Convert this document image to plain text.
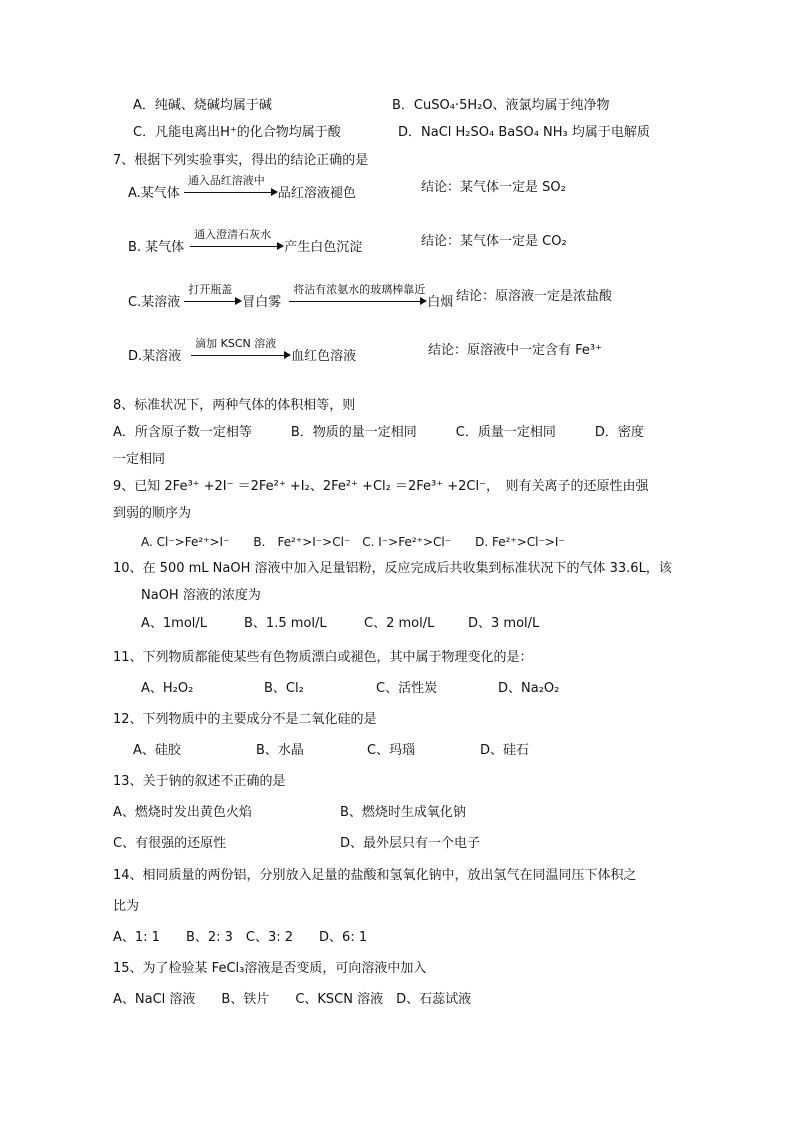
A．纯碱、烧碱均属于碱	B．CuSO₄·5H₂O、液氯均属于纯净物
C．凡能电离出H⁺的化合物均属于酸	D．NaCl H₂SO₄ BaSO₄ NH₃ 均属于电解质
7、根据下列实验事实，得出的结论正确的是
A.某气体
通入品红溶液中
品红溶液褪色	结论：某气体一定是 SO₂
B. 某气体
通入澄清石灰水
产生白色沉淀	结论：某气体一定是 CO₂
C.某溶液
打开瓶盖
冒白雾
将沾有浓氨水的玻璃棒靠近
白烟 结论：原溶液一定是浓盐酸
D.某溶液
滴加 KSCN 溶液
血红色溶液	结论：原溶液中一定含有 Fe³⁺
8、标准状况下，两种气体的体积相等，则
A．所含原子数一定相等　　　B．物质的量一定相同　　　C．质量一定相同　　　D．密度
一定相同
9、已知 2Fe³⁺ +2I⁻ ＝2Fe²⁺ +I₂、2Fe²⁺ +Cl₂ ＝2Fe³⁺ +2Cl⁻，　则有关离子的还原性由强
到弱的顺序为
A. Cl⁻>Fe²⁺>I⁻　　B.　Fe²⁺>I⁻>Cl⁻　C. I⁻>Fe²⁺>Cl⁻　　D. Fe²⁺>Cl⁻>I⁻
10、在 500 mL NaOH 溶液中加入足量铝粉，反应完成后共收集到标准状况下的气体 33.6L，该
NaOH 溶液的浓度为
A、1mol/L	B、1.5 mol/L	C、2 mol/L	D、3 mol/L
11、下列物质都能使某些有色物质漂白或褪色，其中属于物理变化的是：
A、H₂O₂	B、Cl₂	C、活性炭	D、Na₂O₂
12、下列物质中的主要成分不是二氧化硅的是
A、硅胶	B、水晶	C、玛瑙	D、硅石
13、关于钠的叙述不正确的是
A、燃烧时发出黄色火焰	B、燃烧时生成氧化钠
C、有很强的还原性	D、最外层只有一个电子
14、相同质量的两份铝，分别放入足量的盐酸和氢氧化钠中，放出氢气在同温同压下体积之
比为
A、1: 1　　B、2: 3　C、3: 2　　D、6: 1
15、为了检验某 FeCl₃溶液是否变质，可向溶液中加入
A、NaCl 溶液　　B、铁片　　C、KSCN 溶液　D、石蕊试液
